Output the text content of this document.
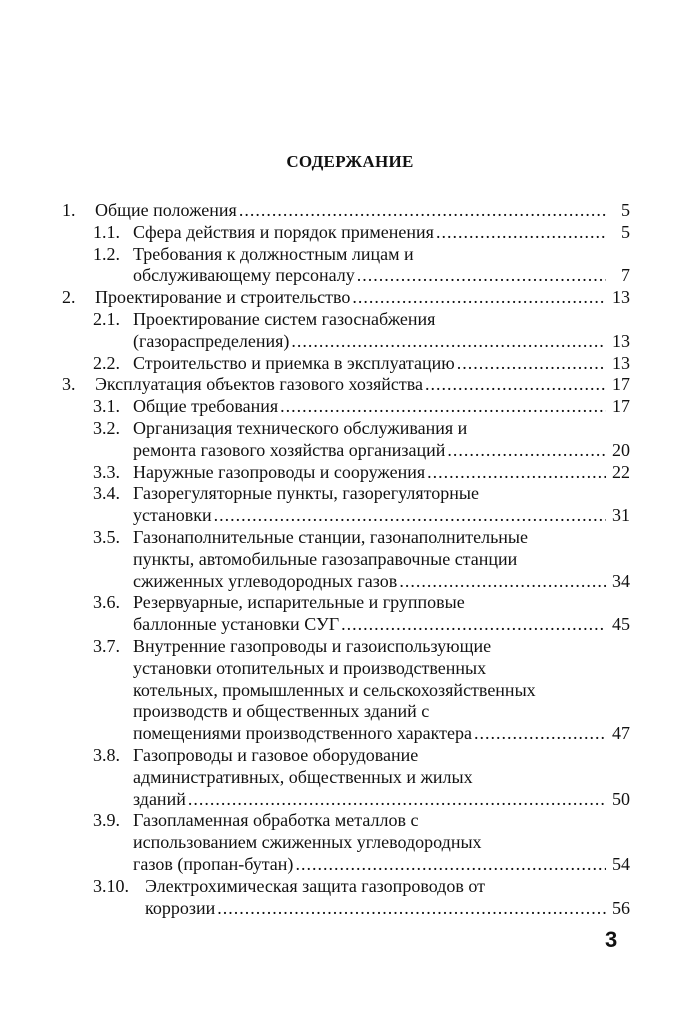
СОДЕРЖАНИЕ
1. Общие положения .....	5
1.1. Сфера действия и порядок применения .....	5
1.2. Требования к должностным лицам и
обслуживающему персоналу .....	7
2. Проектирование и строительство .....	13
2.1. Проектирование систем газоснабжения
(газораспределения) .....	13
2.2. Строительство и приемка в эксплуатацию .....	13
3. Эксплуатация объектов газового хозяйства .....	17
3.1. Общие требования .....	17
3.2. Организация технического обслуживания и
ремонта газового хозяйства организаций .....	20
3.3. Наружные газопроводы и сооружения .....	22
3.4. Газорегуляторные пункты, газорегуляторные
установки .....	31
3.5. Газонаполнительные станции, газонаполнительные
пункты, автомобильные газозаправочные станции
сжиженных углеводородных газов .....	34
3.6. Резервуарные, испарительные и групповые
баллонные установки СУГ .....	45
3.7. Внутренние газопроводы и газоиспользующие
установки отопительных и производственных
котельных, промышленных и сельскохозяйственных
производств и общественных зданий с
помещениями производственного характера .....	47
3.8. Газопроводы и газовое оборудование
административных, общественных и жилых
зданий .....	50
3.9. Газопламенная обработка металлов с
использованием сжиженных углеводородных
газов (пропан-бутан) .....	54
3.10. Электрохимическая защита газопроводов от
коррозии .....	56
3
